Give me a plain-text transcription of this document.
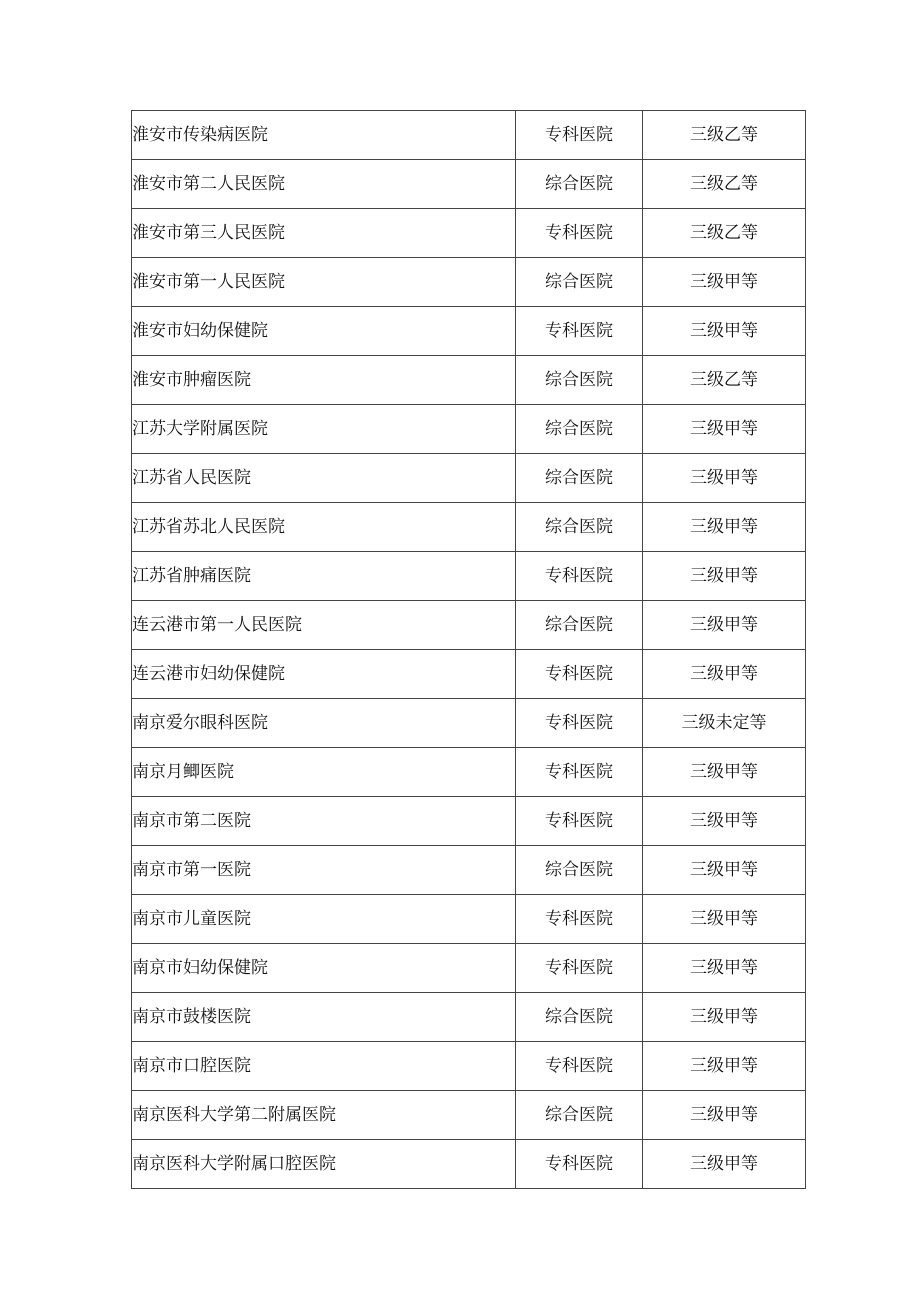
淮安市传染病医院	专科医院	三级乙等
淮安市第二人民医院	综合医院	三级乙等
淮安市第三人民医院	专科医院	三级乙等
淮安市第一人民医院	综合医院	三级甲等
淮安市妇幼保健院	专科医院	三级甲等
淮安市肿瘤医院	综合医院	三级乙等
江苏大学附属医院	综合医院	三级甲等
江苏省人民医院	综合医院	三级甲等
江苏省苏北人民医院	综合医院	三级甲等
江苏省肿痛医院	专科医院	三级甲等
连云港市第一人民医院	综合医院	三级甲等
连云港市妇幼保健院	专科医院	三级甲等
南京爱尔眼科医院	专科医院	三级未定等
南京月鲫医院	专科医院	三级甲等
南京市第二医院	专科医院	三级甲等
南京市第一医院	综合医院	三级甲等
南京市儿童医院	专科医院	三级甲等
南京市妇幼保健院	专科医院	三级甲等
南京市鼓楼医院	综合医院	三级甲等
南京市口腔医院	专科医院	三级甲等
南京医科大学第二附属医院	综合医院	三级甲等
南京医科大学附属口腔医院	专科医院	三级甲等
